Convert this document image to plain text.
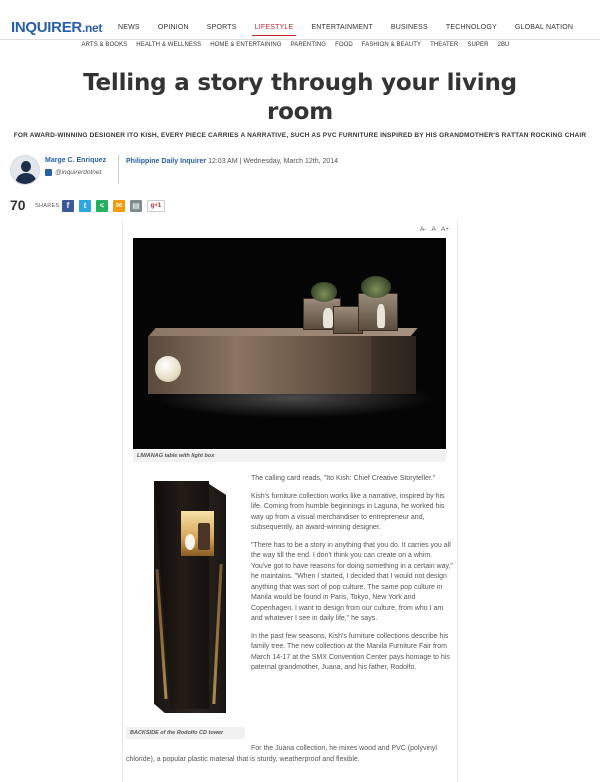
INQUIRER.net NEWS	OPINION	SPORTS	LIFESTYLE	ENTERTAINMENT	BUSINESS	TECHNOLOGY	GLOBAL NATION
ARTS & BOOKS HEALTH & WELLNESS HOME & ENTERTAINING PARENTING FOOD FASHION & BEAUTY THEATER SUPER 2BU
Telling a story through your living
room
FOR AWARD-WINNING DESIGNER ITO KISH, EVERY PIECE CARRIES A NARRATIVE, SUCH AS PVC FURNITURE INSPIRED BY HIS GRANDMOTHER'S RATTAN ROCKING CHAIR
Marge C. Enriquez
@inquirerdotnet
Philippine Daily Inquirer 12:03 AM | Wednesday, March 12th, 2014
70 SHARES f	t	<	✉	▤	g+1
A- A A+
LIWANAG table with light box
BACKSIDE of the Rodolfo CD tower

The calling card reads, "Ito Kish: Chief Creative Storyteller."

Kish's furniture collection works like a narrative, inspired by his life. Coming from humble beginnings in Laguna, he worked his way up from a visual merchandiser to entrepreneur and, subsequently, an award-winning designer.

"There has to be a story in anything that you do. It carries you all the way till the end. I don't think you can create on a whim. You've got to have reasons for doing something in a certain way," he maintains. "When I started, I decided that I would not design anything that was sort of pop culture. The same pop culture in Manila would be found in Paris, Tokyo, New York and Copenhagen. I want to design from our culture, from who I am and whatever I see in daily life," he says.

In the past few seasons, Kish's furniture collections describe his family tree. The new collection at the Manila Furniture Fair from March 14-17 at the SMX Convention Center pays homage to his paternal grandmother, Juana, and his father, Rodolfo.

For the Juana collection, he mixes wood and PVC (polyvinyl
chloride), a popular plastic material that is sturdy, weatherproof and flexible.
